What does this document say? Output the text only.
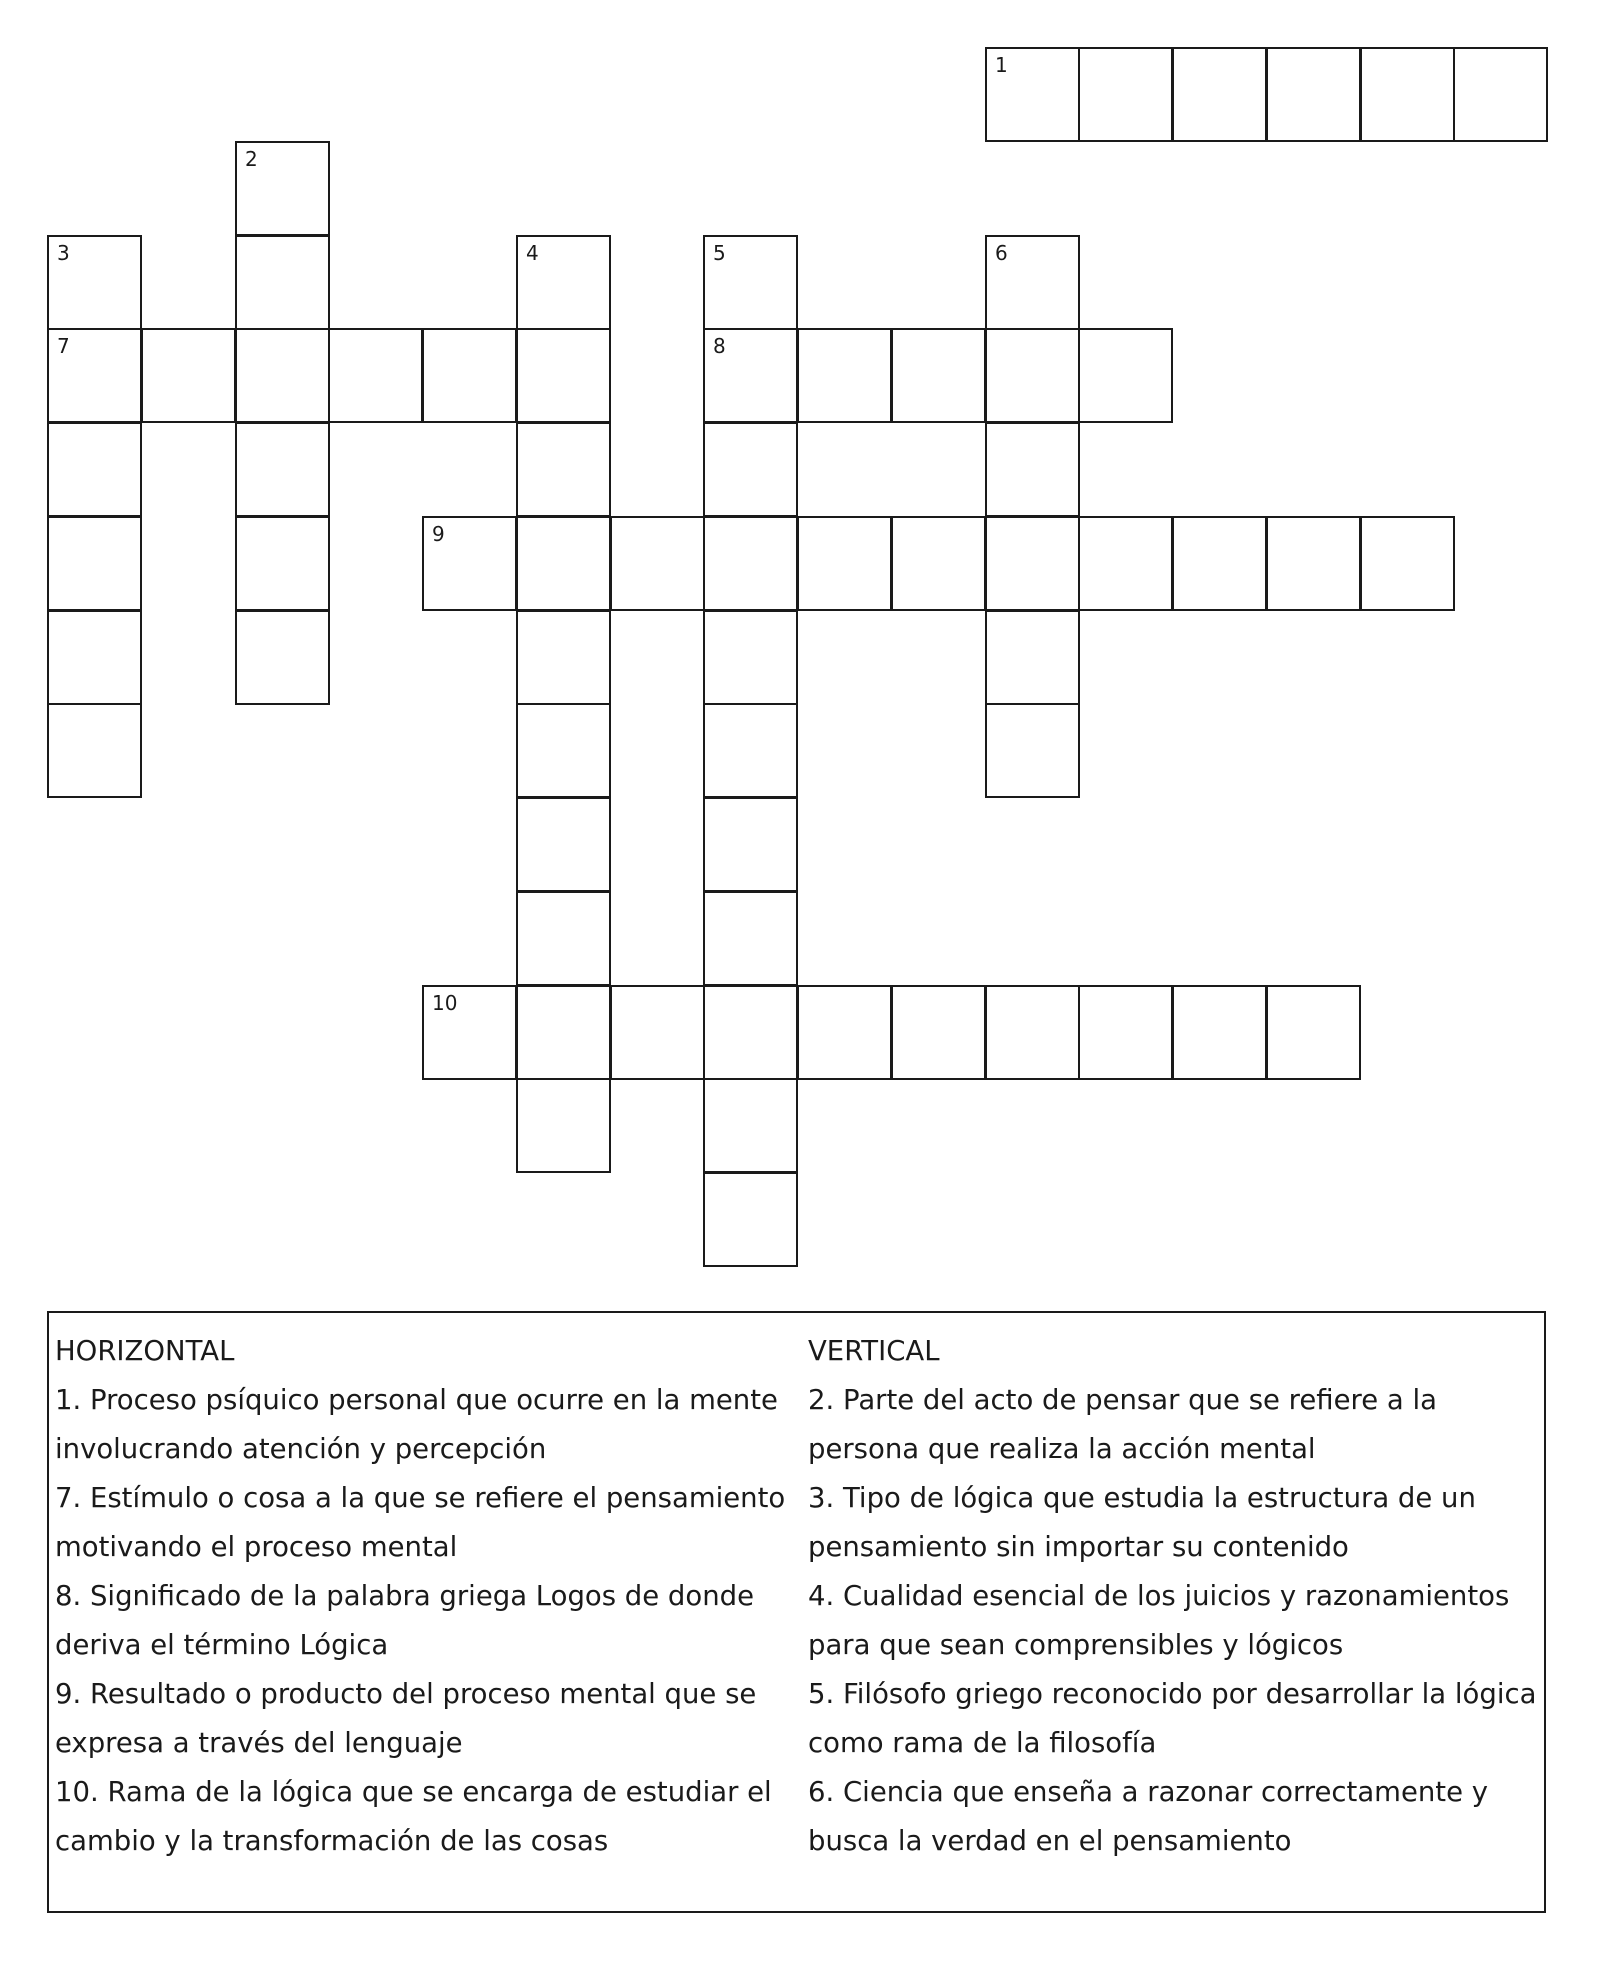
1
2
3
7
4	5
8
6
9
10

HORIZONTAL

1. Proceso psíquico personal que ocurre en la mente involucrando atención y percepción

7. Estímulo o cosa a la que se refiere el pensamiento motivando el proceso mental

8. Significado de la palabra griega Logos de donde deriva el término Lógica

9. Resultado o producto del proceso mental que se expresa a través del lenguaje

10. Rama de la lógica que se encarga de estudiar el cambio y la transformación de las cosas

VERTICAL

2. Parte del acto de pensar que se refiere a la persona que realiza la acción mental

3. Tipo de lógica que estudia la estructura de un pensamiento sin importar su contenido

4. Cualidad esencial de los juicios y razonamientos para que sean comprensibles y lógicos

5. Filósofo griego reconocido por desarrollar la lógica como rama de la filosofía

6. Ciencia que enseña a razonar correctamente y busca la verdad en el pensamiento
